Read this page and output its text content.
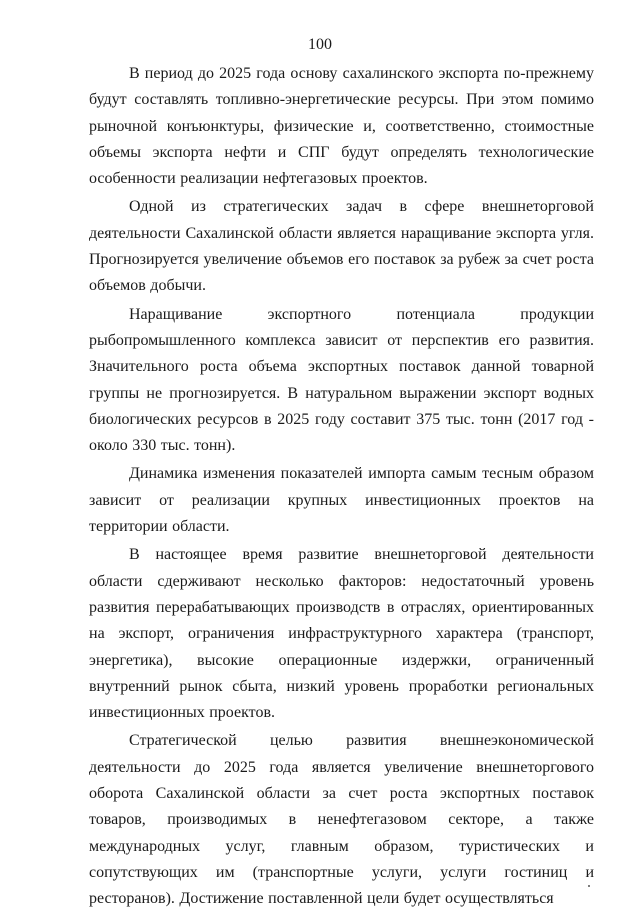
100

В период до 2025 года основу сахалинского экспорта по-прежнему будут составлять топливно-энергетические ресурсы. При этом помимо рыночной конъюнктуры, физические и, соответственно, стоимостные объемы экспорта нефти и СПГ будут определять технологические особенности реализации нефтегазовых проектов.

Одной из стратегических задач в сфере внешнеторговой деятельности Сахалинской области является наращивание экспорта угля. Прогнозируется увеличение объемов его поставок за рубеж за счет роста объемов добычи.

Наращивание экспортного потенциала продукции рыбопромышленного комплекса зависит от перспектив его развития. Значительного роста объема экспортных поставок данной товарной группы не прогнозируется. В натуральном выражении экспорт водных биологических ресурсов в 2025 году составит 375 тыс. тонн (2017 год - около 330 тыс. тонн).

Динамика изменения показателей импорта самым тесным образом зависит от реализации крупных инвестиционных проектов на территории области.

В настоящее время развитие внешнеторговой деятельности области сдерживают несколько факторов: недостаточный уровень развития перерабатывающих производств в отраслях, ориентированных на экспорт, ограничения инфраструктурного характера (транспорт, энергетика), высокие операционные издержки, ограниченный внутренний рынок сбыта, низкий уровень проработки региональных инвестиционных проектов.

Стратегической целью развития внешнеэкономической деятельности до 2025 года является увеличение внешнеторгового оборота Сахалинской области за счет роста экспортных поставок товаров, производимых в ненефтегазовом секторе, а также международных услуг, главным образом, туристических и сопутствующих им (транспортные услуги, услуги гостиниц и ресторанов). Достижение поставленной цели будет осуществляться
